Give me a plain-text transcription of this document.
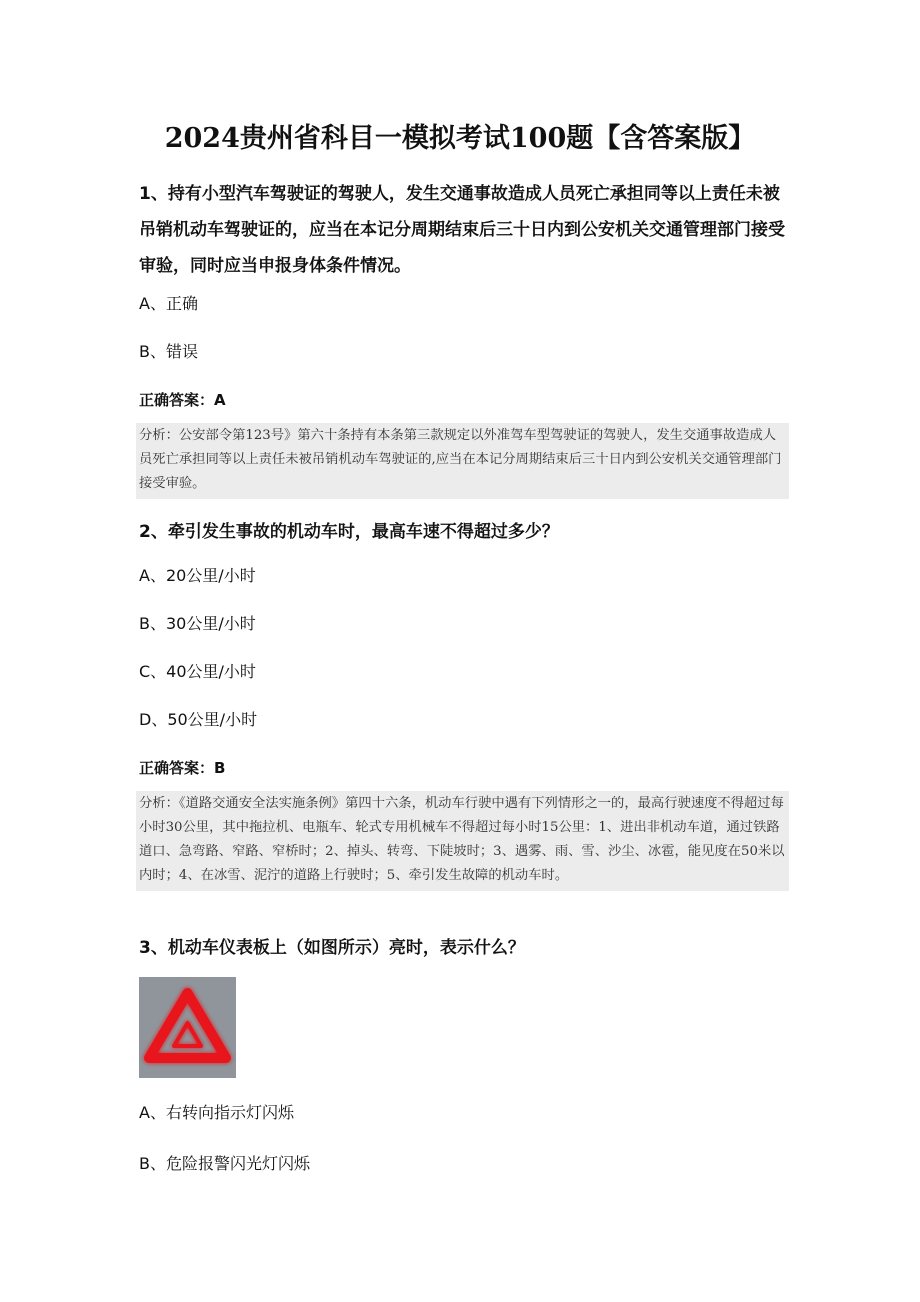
2024贵州省科目一模拟考试100题【含答案版】

1、持有小型汽车驾驶证的驾驶人，发生交通事故造成人员死亡承担同等以上责任未被吊销机动车驾驶证的，应当在本记分周期结束后三十日内到公安机关交通管理部门接受审验，同时应当申报身体条件情况。

A、正确

B、错误

正确答案：A

分析：公安部令第123号》第六十条持有本条第三款规定以外准驾车型驾驶证的驾驶人，发生交通事故造成人员死亡承担同等以上责任未被吊销机动车驾驶证的,应当在本记分周期结束后三十日内到公安机关交通管理部门接受审验。

2、牵引发生事故的机动车时，最高车速不得超过多少？

A、20公里/小时

B、30公里/小时

C、40公里/小时

D、50公里/小时

正确答案：B

分析：《道路交通安全法实施条例》第四十六条，机动车行驶中遇有下列情形之一的，最高行驶速度不得超过每小时30公里，其中拖拉机、电瓶车、轮式专用机械车不得超过每小时15公里：1、进出非机动车道，通过铁路道口、急弯路、窄路、窄桥时；2、掉头、转弯、下陡坡时；3、遇雾、雨、雪、沙尘、冰雹，能见度在50米以内时；4、在冰雪、泥泞的道路上行驶时；5、牵引发生故障的机动车时。

3、机动车仪表板上（如图所示）亮时，表示什么？

A、右转向指示灯闪烁

B、危险报警闪光灯闪烁
